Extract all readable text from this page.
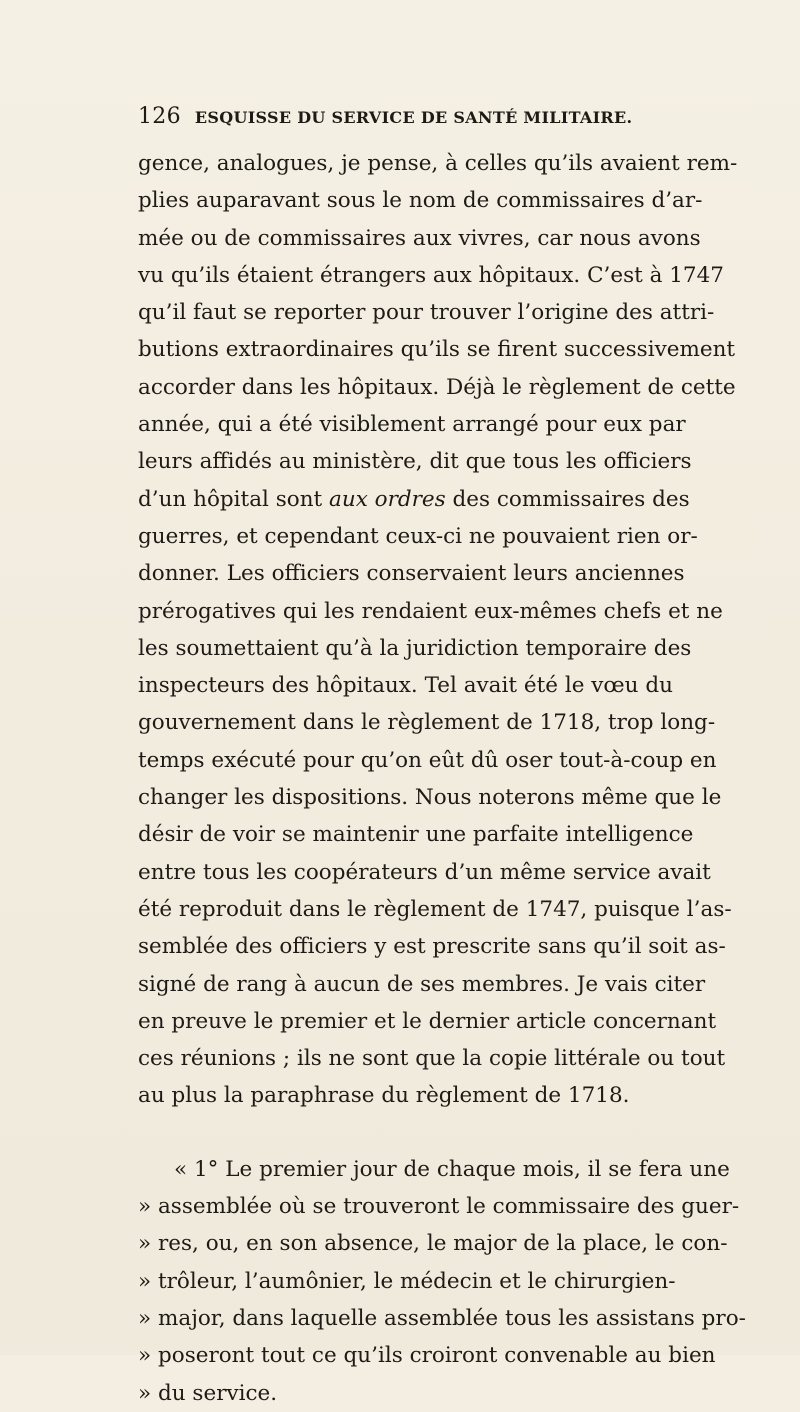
126 ESQUISSE DU SERVICE DE SANTÉ MILITAIRE.
gence, analogues, je pense, à celles qu’ils avaient rem-
plies auparavant sous le nom de commissaires d’ar-
mée ou de commissaires aux vivres, car nous avons
vu qu’ils étaient étrangers aux hôpitaux. C’est à 1747
qu’il faut se reporter pour trouver l’origine des attri-
butions extraordinaires qu’ils se firent successivement
accorder dans les hôpitaux. Déjà le règlement de cette
année, qui a été visiblement arrangé pour eux par
leurs affidés au ministère, dit que tous les officiers
d’un hôpital sont aux ordres des commissaires des
guerres, et cependant ceux-ci ne pouvaient rien or-
donner. Les officiers conservaient leurs anciennes
prérogatives qui les rendaient eux-mêmes chefs et ne
les soumettaient qu’à la juridiction temporaire des
inspecteurs des hôpitaux. Tel avait été le vœu du
gouvernement dans le règlement de 1718, trop long-
temps exécuté pour qu’on eût dû oser tout-à-coup en
changer les dispositions. Nous noterons même que le
désir de voir se maintenir une parfaite intelligence
entre tous les coopérateurs d’un même service avait
été reproduit dans le règlement de 1747, puisque l’as-
semblée des officiers y est prescrite sans qu’il soit as-
signé de rang à aucun de ses membres. Je vais citer
en preuve le premier et le dernier article concernant
ces réunions ; ils ne sont que la copie littérale ou tout
au plus la paraphrase du règlement de 1718.
« 1° Le premier jour de chaque mois, il se fera une
» assemblée où se trouveront le commissaire des guer-
» res, ou, en son absence, le major de la place, le con-
» trôleur, l’aumônier, le médecin et le chirurgien-
» major, dans laquelle assemblée tous les assistans pro-
» poseront tout ce qu’ils croiront convenable au bien
» du service.
